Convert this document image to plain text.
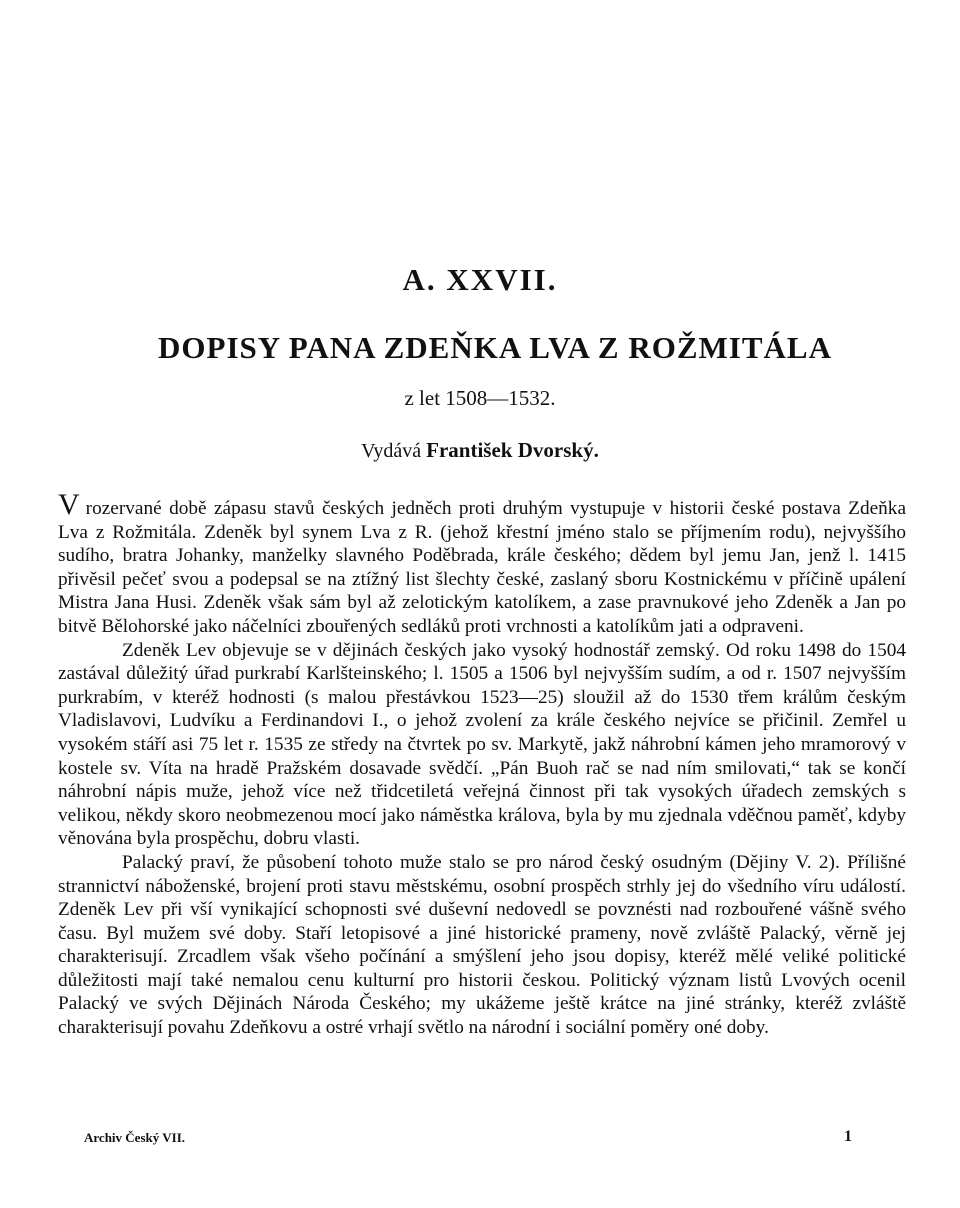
A. XXVII.
DOPISY PANA ZDEŇKA LVA Z ROŽMITÁLA
z let 1508—1532.
Vydává František Dvorský.

Vrozervané době zápasu stavů českých jedněch proti druhým vystupuje v historii české postava Zdeňka Lva z Rožmitála. Zdeněk byl synem Lva z R. (jehož křestní jméno stalo se příjmením rodu), nejvyššího sudího, bratra Johanky, manželky slavného Poděbrada, krále českého; dědem byl jemu Jan, jenž l. 1415 přivěsil pečeť svou a podepsal se na ztížný list šlechty české, zaslaný sboru Kostnickému v příčině upálení Mistra Jana Husi. Zdeněk však sám byl až zelotickým katolíkem, a zase pravnukové jeho Zdeněk a Jan po bitvě Bělohorské jako náčelníci zbouřených sedláků proti vrchnosti a katolíkům jati a odpraveni.

Zdeněk Lev objevuje se v dějinách českých jako vysoký hodnostář zemský. Od roku 1498 do 1504 zastával důležitý úřad purkrabí Karlšteinského; l. 1505 a 1506 byl nejvyšším sudím, a od r. 1507 nejvyšším purkrabím, v kteréž hodnosti (s malou přestávkou 1523—25) sloužil až do 1530 třem králům českým Vladislavovi, Ludvíku a Ferdinandovi I., o jehož zvolení za krále českého nejvíce se přičinil. Zemřel u vysokém stáří asi 75 let r. 1535 ze středy na čtvrtek po sv. Markytě, jakž náhrobní kámen jeho mramorový v kostele sv. Víta na hradě Pražském dosavade svědčí. „Pán Buoh rač se nad ním smilovati,“ tak se končí náhrobní nápis muže, jehož více než třidcetiletá veřejná činnost při tak vysokých úřadech zemských s velikou, někdy skoro neobmezenou mocí jako náměstka králova, byla by mu zjednala vděčnou paměť, kdyby věnována byla prospěchu, dobru vlasti.

Palacký praví, že působení tohoto muže stalo se pro národ český osudným (Dějiny V. 2). Přílišné strannictví náboženské, brojení proti stavu městskému, osobní prospěch strhly jej do všedního víru událostí. Zdeněk Lev při vší vynikající schopnosti své duševní nedovedl se povznésti nad rozbouřené vášně svého času. Byl mužem své doby. Staří letopisové a jiné historické prameny, nově zvláště Palacký, věrně jej charakterisují. Zrcadlem však všeho počínání a smýšlení jeho jsou dopisy, kteréž mělé veliké politické důležitosti mají také nemalou cenu kulturní pro historii českou. Politický význam listů Lvových ocenil Palacký ve svých Dějinách Národa Českého; my ukážeme ještě krátce na jiné stránky, kteréž zvláště charakterisují povahu Zdeňkovu a ostré vrhají světlo na národní i sociální poměry oné doby.

Archiv Český VII.	1
